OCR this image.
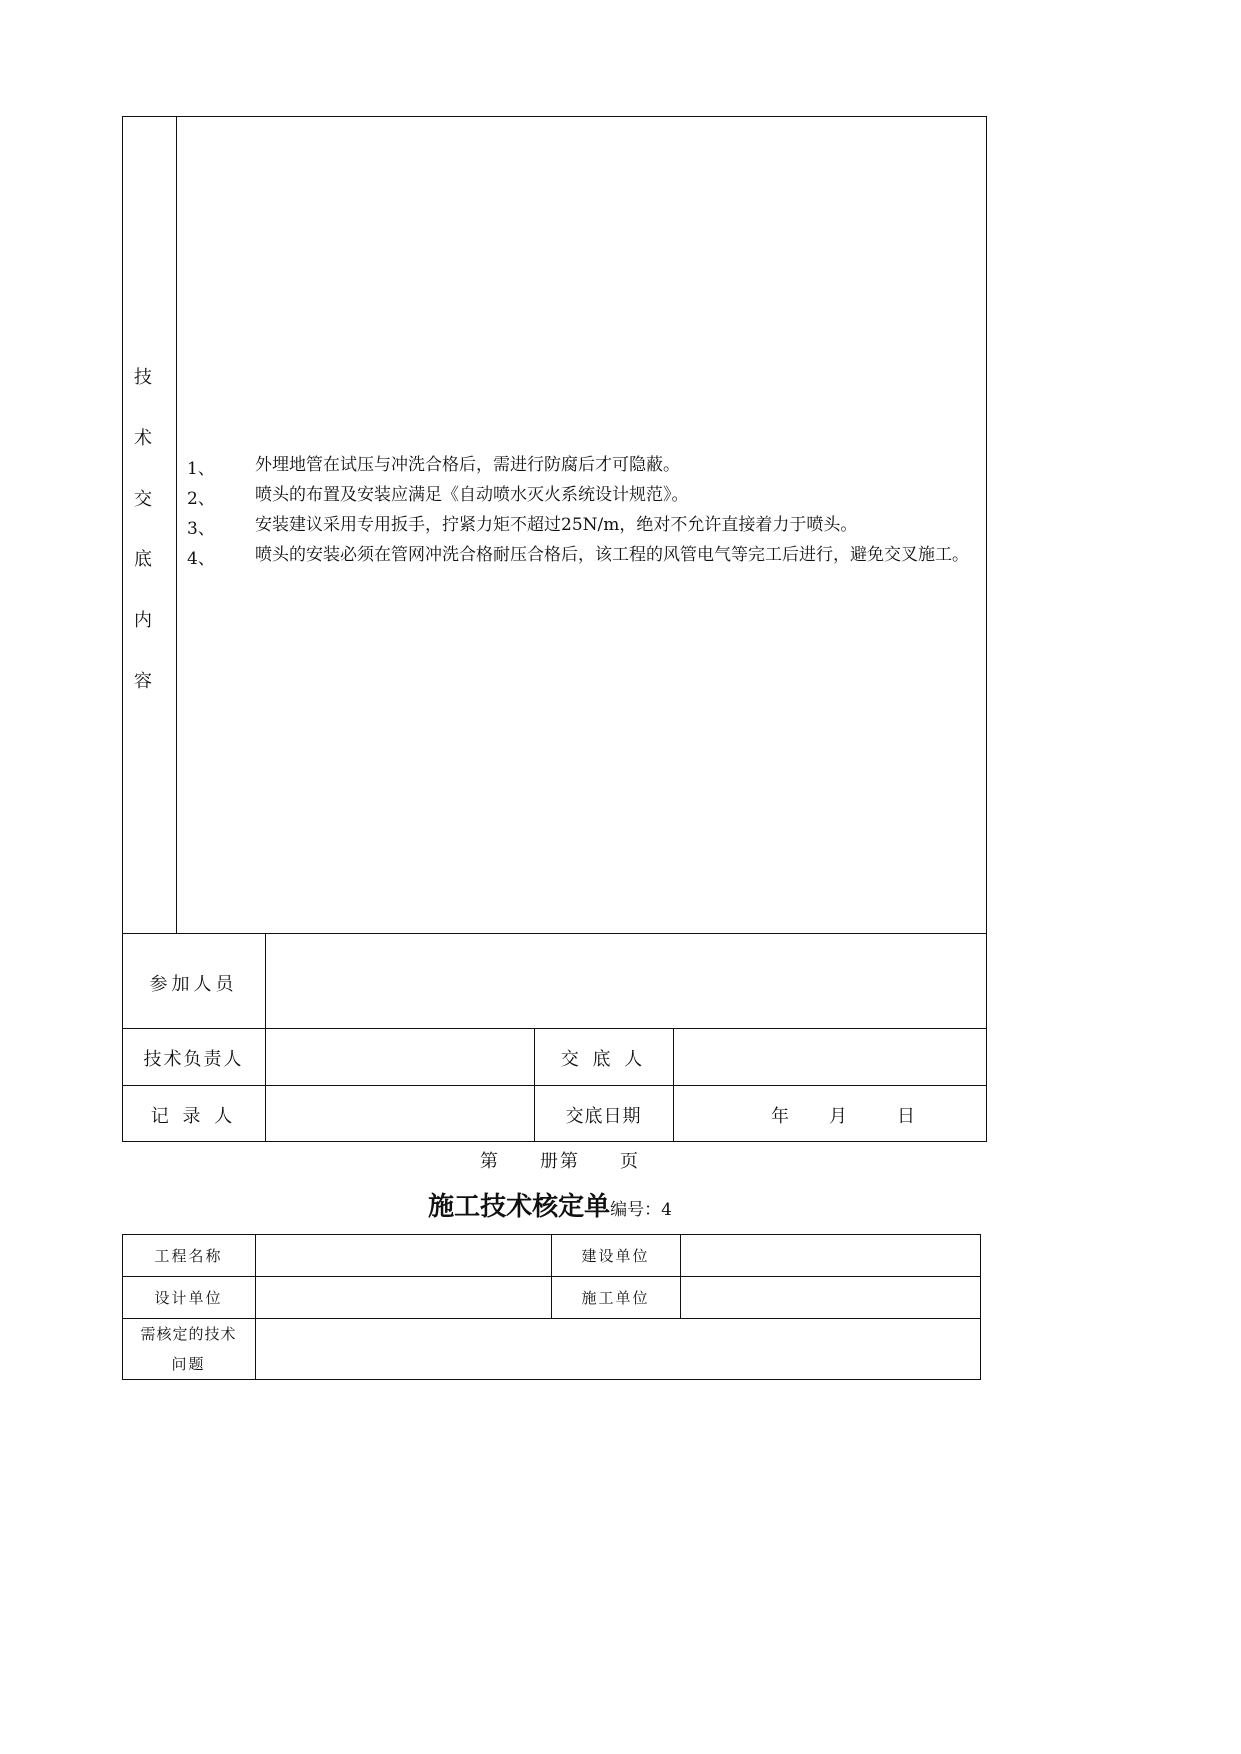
技
术
交
底
内
容
1、 外埋地管在试压与冲洗合格后，需进行防腐后才可隐蔽。
2、 喷头的布置及安装应满足《自动喷水灭火系统设计规范》。
3、 安装建议采用专用扳手，拧紧力矩不超过25N/m，绝对不允许直接着力于喷头。
4、 喷头的安装必须在管网冲洗合格耐压合格后，该工程的风管电气等完工后进行，避免交叉施工。
参加人员
技术负责人	交 底 人
记 录 人	交底日期	年 月	日
第　　册第　　页
施工技术核定单编号：4
工程名称	建设单位
设计单位	施工单位
需核定的技术
问题
